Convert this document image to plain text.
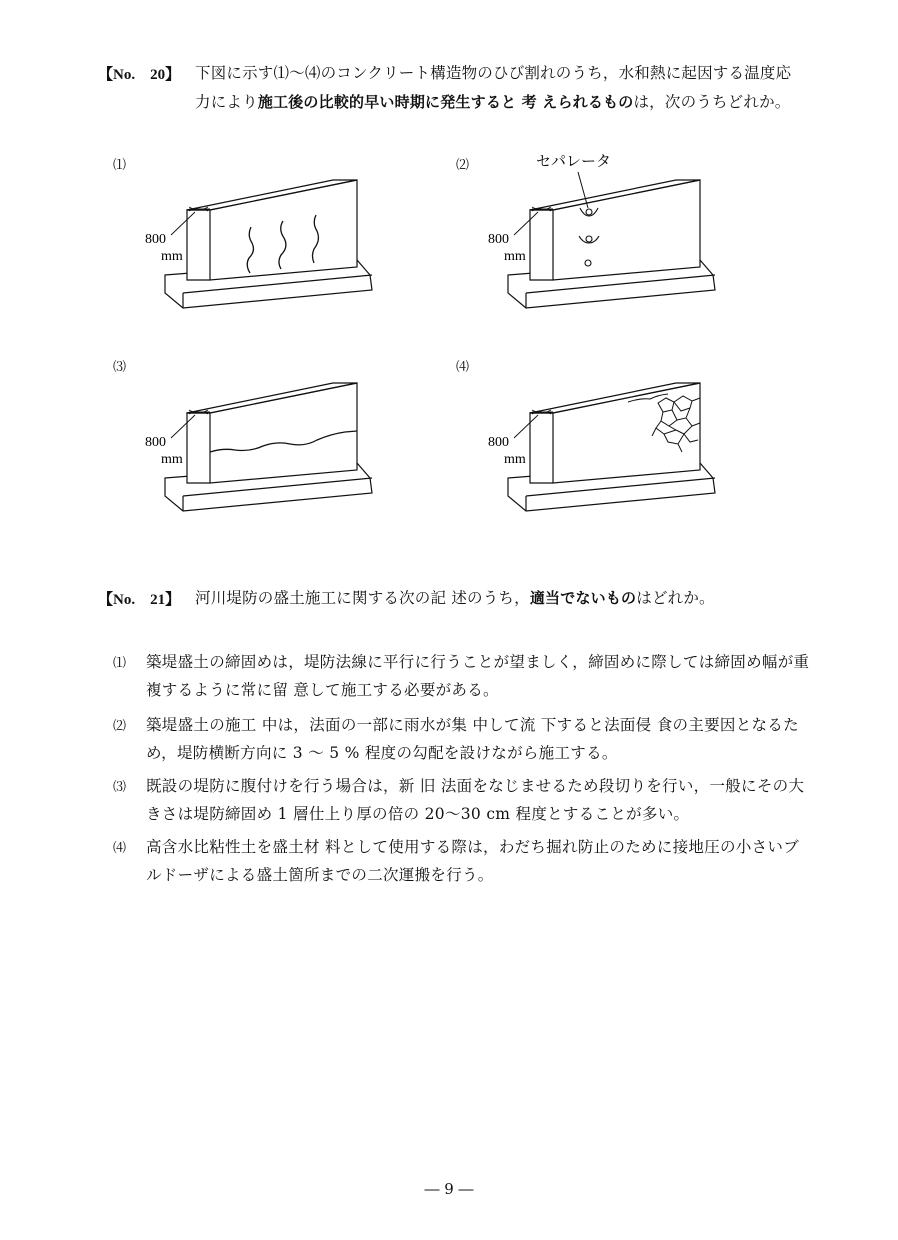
【No.　20】 下図に示す⑴〜⑷のコンクリート構造物のひび割れのうち，水和熱に起因する温度応
力により施工後の比較的早い時期に発生すると 考 えられるものは，次のうちどれか。
⑴	⑵
⑶	⑷
800
mm
セパレータ
800
mm
800
mm
800
mm
【No.　21】 河川堤防の盛土施工に関する次の記 述のうち，適当でないものはどれか。
⑴ 築堤盛土の締固めは，堤防法線に平行に行うことが望ましく，締固めに際しては締固め幅が重
複するように常に留 意して施工する必要がある。
⑵ 築堤盛土の施工 中は，法面の一部に雨水が集 中して流 下すると法面侵 食の主要因となるた
め，堤防横断方向に 3 〜 5 % 程度の勾配を設けながら施工する。
⑶ 既設の堤防に腹付けを行う場合は，新 旧 法面をなじませるため段切りを行い，一般にその大
きさは堤防締固め 1 層仕上り厚の倍の 20〜30 cm 程度とすることが多い。
⑷ 高含水比粘性土を盛土材 料として使用する際は，わだち掘れ防止のために接地圧の小さいブ
ルドーザによる盛土箇所までの二次運搬を行う。
― 9 ―
